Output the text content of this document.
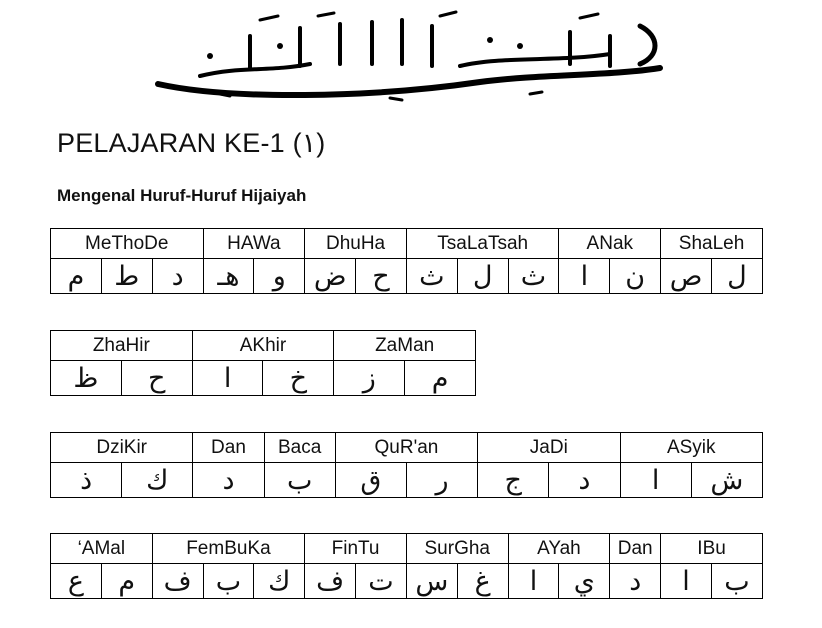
PELAJARAN KE-1 (١)
Mengenal Huruf-Huruf Hijaiyah
MeThoDe			HAWa		DhuHa		TsaLaTsah			ANak		ShaLeh	
م	ط	د	هـ	و	ض	ح	ث	ل	ث	ا	ن	ص	ل
ZhaHir		AKhir		ZaMan	
ظ	ح	ا	خ	ز	م
DziKir		Dan	Baca	QuR'an		JaDi		ASyik	
ذ	ك	د	ب	ق	ر	ج	د	ا	ش
‘AMal		FemBuKa			FinTu		SurGha		AYah		Dan	IBu	
ع	م	ف	ب	ك	ف	ت	س	غ	ا	ي	د	ا	ب
